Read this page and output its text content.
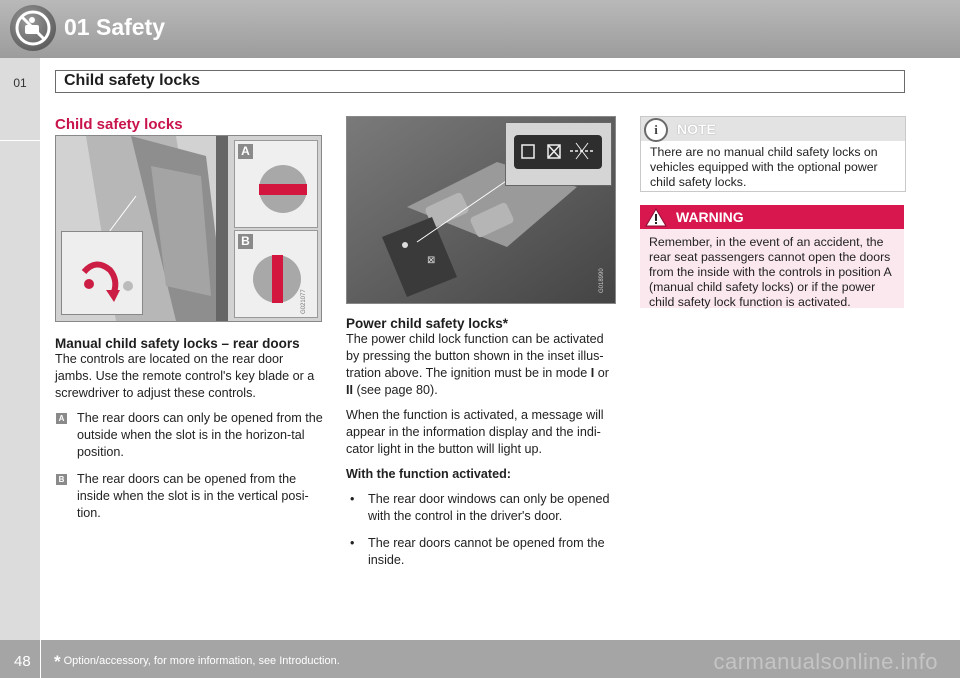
01 Safety
01	Child safety locks
Child safety locks
A
B
G021077
Manual child safety locks – rear doors

The controls are located on the rear door jambs. Use the remote control's key blade or a screwdriver to adjust these controls.

A The rear doors can only be opened from the outside when the slot is in the horizon-tal position.
B The rear doors can be opened from the inside when the slot is in the vertical posi-tion.
⊠
G018990
Power child safety locks*

The power child lock function can be activated by pressing the button shown in the inset illus-tration above. The ignition must be in mode I or II (see page 80).

When the function is activated, a message will appear in the information display and the indi-cator light in the button will light up.

With the function activated:

• The rear door windows can only be opened with the control in the driver's door.
• The rear doors cannot be opened from the inside.
i	NOTE
There are no manual child safety locks on vehicles equipped with the optional power child safety locks.
WARNING
Remember, in the event of an accident, the rear seat passengers cannot open the doors from the inside with the controls in position A (manual child safety locks) or if the power child safety lock function is activated.
48 * Option/accessory, for more information, see Introduction.	carmanualsonline.info
